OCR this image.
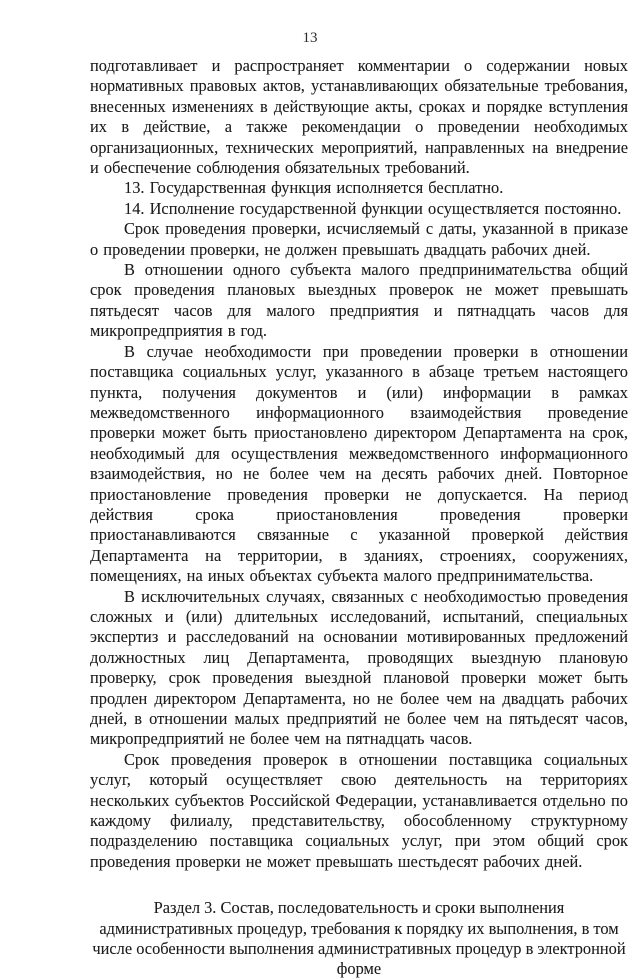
13

подготавливает и распространяет комментарии о содержании новых нормативных правовых актов, устанавливающих обязательные требования, внесенных изменениях в действующие акты, сроках и порядке вступления их в действие, а также рекомендации о проведении необходимых организационных, технических мероприятий, направленных на внедрение и обеспечение соблюдения обязательных требований.

13. Государственная функция исполняется бесплатно.

14. Исполнение государственной функции осуществляется постоянно.

Срок проведения проверки, исчисляемый с даты, указанной в приказе о проведении проверки, не должен превышать двадцать рабочих дней.

В отношении одного субъекта малого предпринимательства общий срок проведения плановых выездных проверок не может превышать пятьдесят часов для малого предприятия и пятнадцать часов для микропредприятия в год.

В случае необходимости при проведении проверки в отношении поставщика социальных услуг, указанного в абзаце третьем настоящего пункта, получения документов и (или) информации в рамках межведомственного информационного взаимодействия проведение проверки может быть приостановлено директором Департамента на срок, необходимый для осуществления межведомственного информационного взаимодействия, но не более чем на десять рабочих дней. Повторное приостановление проведения проверки не допускается. На период действия срока приостановления проведения проверки приостанавливаются связанные с указанной проверкой действия Департамента на территории, в зданиях, строениях, сооружениях, помещениях, на иных объектах субъекта малого предпринимательства.

В исключительных случаях, связанных с необходимостью проведения сложных и (или) длительных исследований, испытаний, специальных экспертиз и расследований на основании мотивированных предложений должностных лиц Департамента, проводящих выездную плановую проверку, срок проведения выездной плановой проверки может быть продлен директором Департамента, но не более чем на двадцать рабочих дней, в отношении малых предприятий не более чем на пятьдесят часов, микропредприятий не более чем на пятнадцать часов.

Срок проведения проверок в отношении поставщика социальных услуг, который осуществляет свою деятельность на территориях нескольких субъектов Российской Федерации, устанавливается отдельно по каждому филиалу, представительству, обособленному структурному подразделению поставщика социальных услуг, при этом общий срок проведения проверки не может превышать шестьдесят рабочих дней.

Раздел 3. Состав, последовательность и сроки выполнения административных процедур, требования к порядку их выполнения, в том числе особенности выполнения административных процедур в электронной форме
